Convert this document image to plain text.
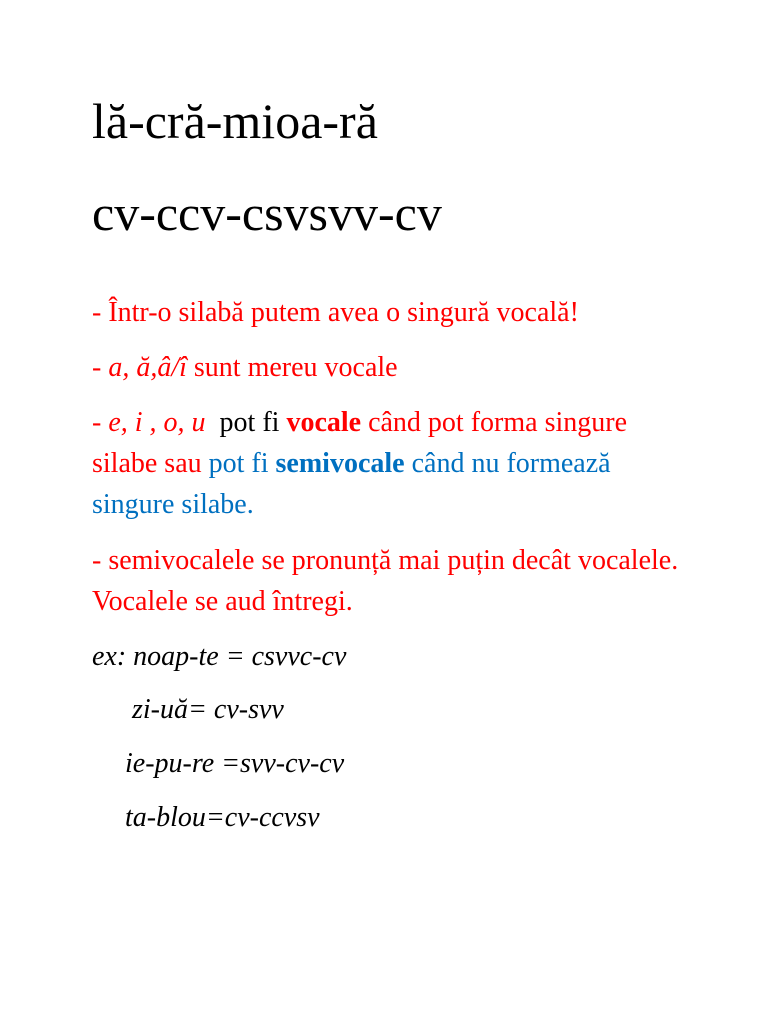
lă-cră-mioa-ră
cv-ccv-csvsvv-cv
- Într-o silabă putem avea o singură vocală!
- a, ă,â/î sunt mereu vocale
- e, i , o, u  pot fi vocale când pot forma singure silabe sau pot fi semivocale când nu formează singure silabe.
- semivocalele se pronunță mai puțin decât vocalele. Vocalele se aud întregi.
ex: noap-te = csvvc-cv
zi-uă= cv-svv
ie-pu-re =svv-cv-cv
ta-blou=cv-ccvsv
